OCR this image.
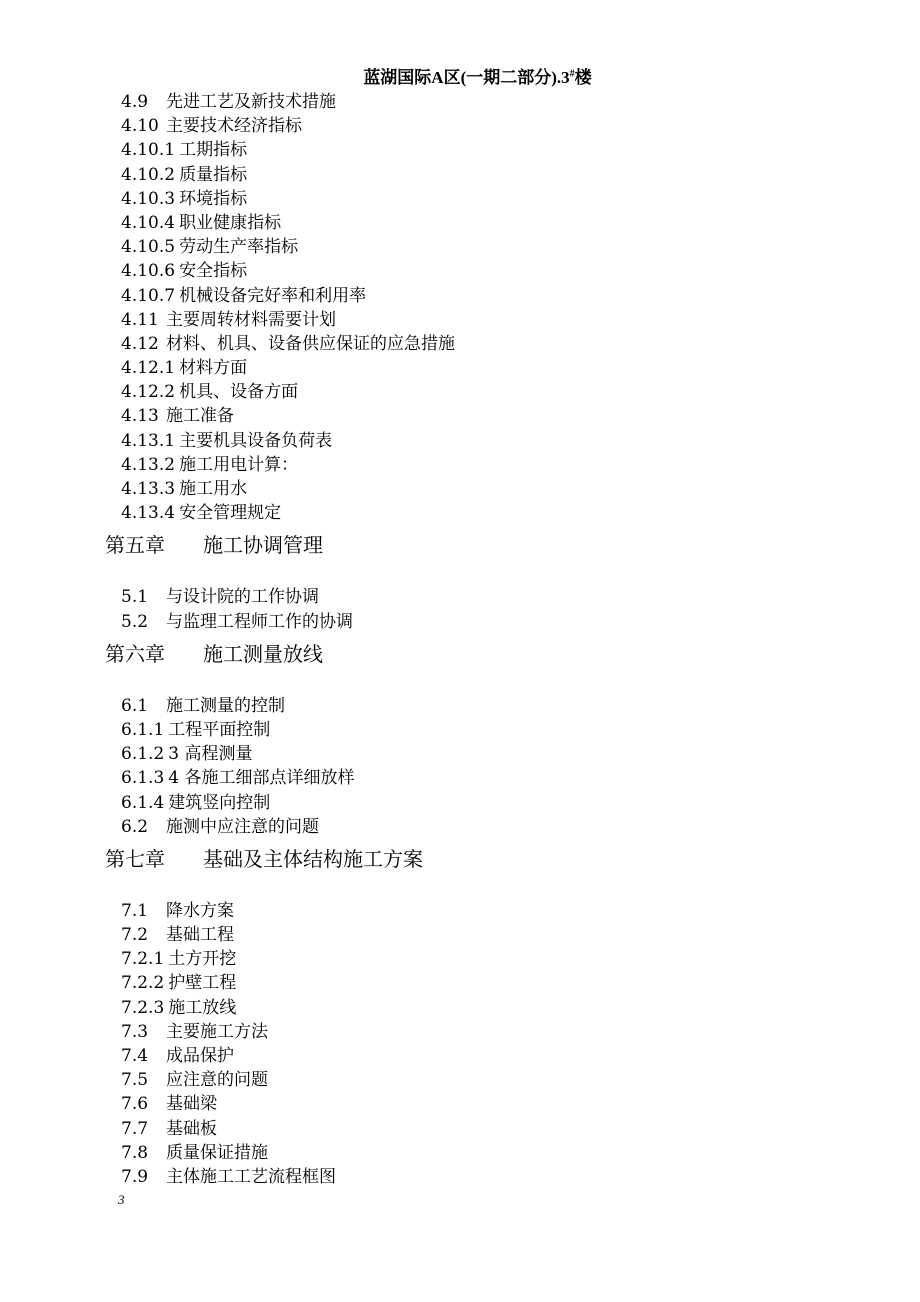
蓝湖国际A区(一期二部分).3#楼
4.9 先进工艺及新技术措施
4.10 主要技术经济指标
4.10.1 工期指标
4.10.2 质量指标
4.10.3 环境指标
4.10.4 职业健康指标
4.10.5 劳动生产率指标
4.10.6 安全指标
4.10.7 机械设备完好率和利用率
4.11 主要周转材料需要计划
4.12 材料、机具、设备供应保证的应急措施
4.12.1 材料方面
4.12.2 机具、设备方面
4.13 施工准备
4.13.1 主要机具设备负荷表
4.13.2 施工用电计算：
4.13.3 施工用水
4.13.4 安全管理规定
第五章 施工协调管理
5.1 与设计院的工作协调
5.2 与监理工程师工作的协调
第六章 施工测量放线
6.1 施工测量的控制
6.1.1 工程平面控制
6.1.2 3 高程测量
6.1.3 4 各施工细部点详细放样
6.1.4 建筑竖向控制
6.2 施测中应注意的问题
第七章 基础及主体结构施工方案
7.1 降水方案
7.2 基础工程
7.2.1 土方开挖
7.2.2 护壁工程
7.2.3 施工放线
7.3 主要施工方法
7.4 成品保护
7.5 应注意的问题
7.6 基础梁
7.7 基础板
7.8 质量保证措施
7.9 主体施工工艺流程框图
3
